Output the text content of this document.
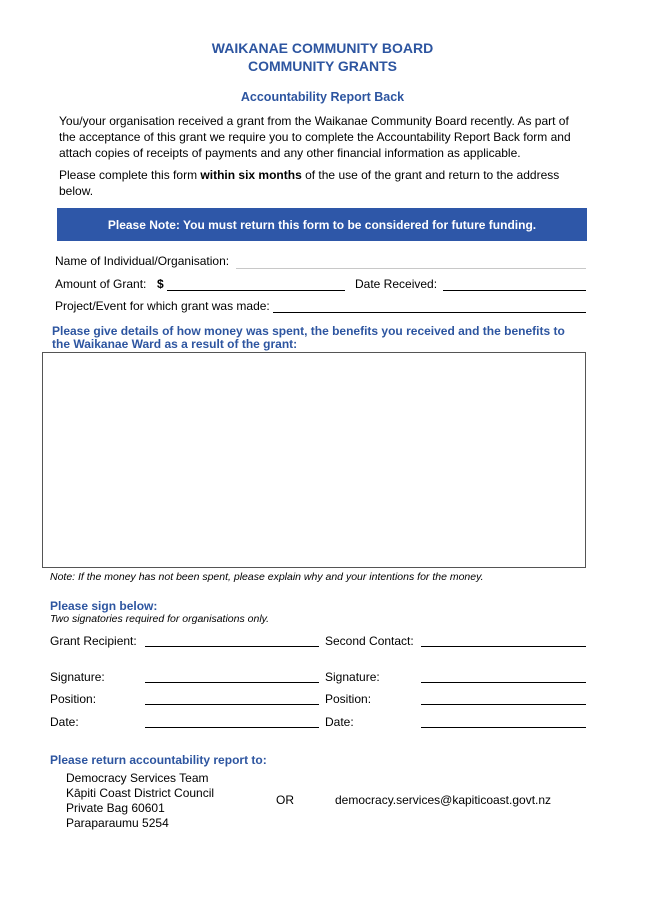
WAIKANAE COMMUNITY BOARD
COMMUNITY GRANTS
Accountability Report Back
You/your organisation received a grant from the Waikanae Community Board recently. As part of
the acceptance of this grant we require you to complete the Accountability Report Back form and
attach copies of receipts of payments and any other financial information as applicable.
Please complete this form within six months of the use of the grant and return to the address
below.
Please Note: You must return this form to be considered for future funding.
Name of Individual/Organisation:
Amount of Grant: $	Date Received:
Project/Event for which grant was made:
Please give details of how money was spent, the benefits you received and the benefits to
the Waikanae Ward as a result of the grant:
Note: If the money has not been spent, please explain why and your intentions for the money.
Please sign below:
Two signatories required for organisations only.
Grant Recipient:	Second Contact:
Signature:	Signature:
Position:	Position:
Date:	Date:
Please return accountability report to:
Democracy Services Team
Kāpiti Coast District Council
Private Bag 60601
Paraparaumu 5254
OR	democracy.services@kapiticoast.govt.nz
